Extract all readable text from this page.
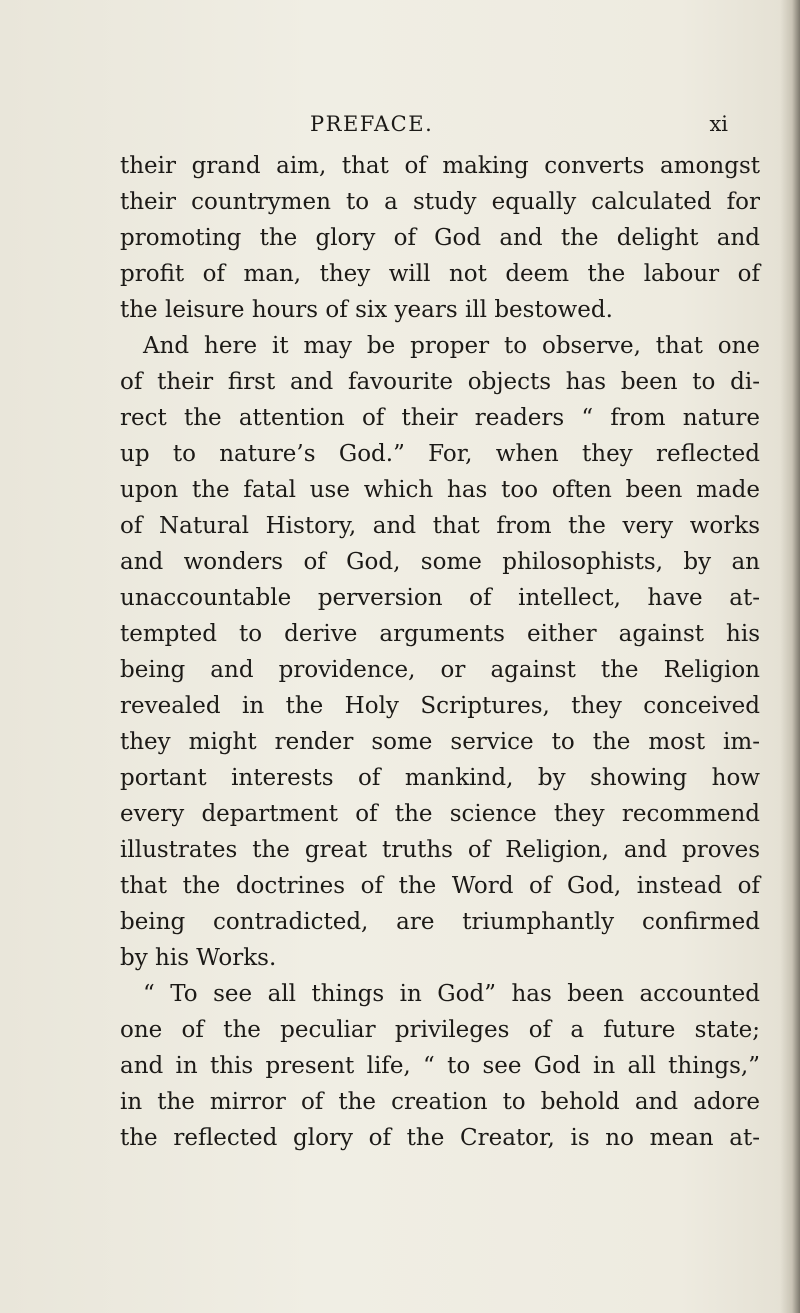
PREFACE.	xi
their grand aim, that of making converts amongst
their countrymen to a study equally calculated for
promoting the glory of God and the delight and
profit of man, they will not deem the labour of
the leisure hours of six years ill bestowed.
And here it may be proper to observe, that one
of their first and favourite objects has been to di-
rect the attention of their readers “ from nature
up to nature’s God.” For, when they reflected
upon the fatal use which has too often been made
of Natural History, and that from the very works
and wonders of God, some philosophists, by an
unaccountable perversion of intellect, have at-
tempted to derive arguments either against his
being and providence, or against the Religion
revealed in the Holy Scriptures, they conceived
they might render some service to the most im-
portant interests of mankind, by showing how
every department of the science they recommend
illustrates the great truths of Religion, and proves
that the doctrines of the Word of God, instead of
being contradicted, are triumphantly confirmed
by his Works.
“ To see all things in God” has been accounted
one of the peculiar privileges of a future state;
and in this present life, “ to see God in all things,”
in the mirror of the creation to behold and adore
the reflected glory of the Creator, is no mean at-
